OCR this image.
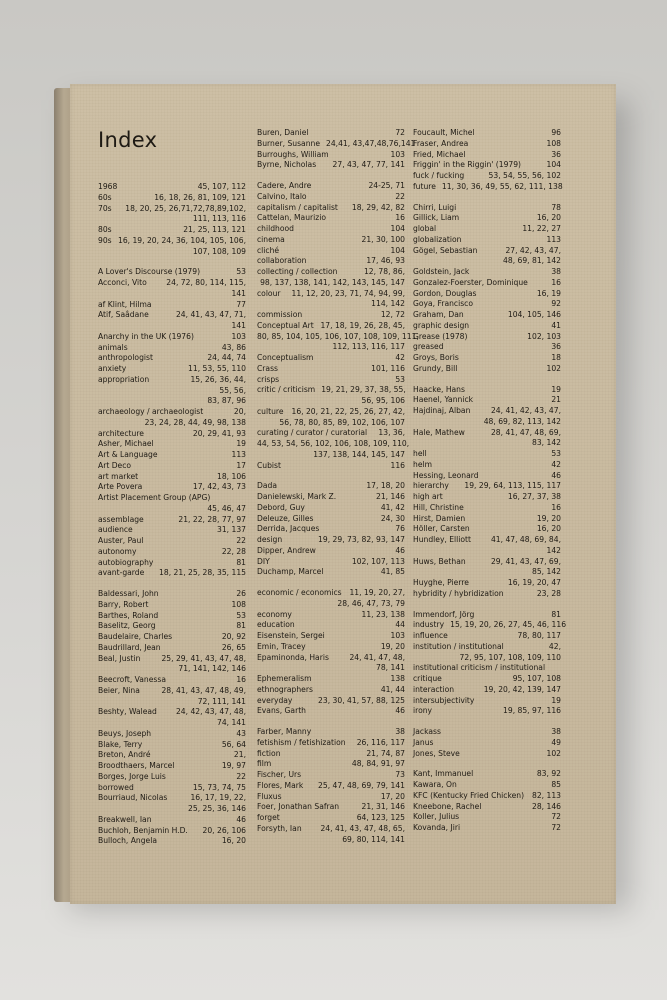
Index
1968	45, 107, 112
60s	16, 18, 26, 81, 109, 121
70s 18, 20, 25, 26,71,72,78,89,102,
111, 113, 116
80s	21, 25, 113, 121
90s 16, 19, 20, 24, 36, 104, 105, 106,
107, 108, 109
A Lover's Discourse (1979)	53
Acconci, Vito	24, 72, 80, 114, 115,
141
af Klint, Hilma	77
Atif, Saâdane	24, 41, 43, 47, 71,
141
Anarchy in the UK (1976)	103
animals	43, 86
anthropologist	24, 44, 74
anxiety	11, 53, 55, 110
appropriation	15, 26, 36, 44,
55, 56,
83, 87, 96
archaeology / archaeologist	20,
23, 24, 28, 44, 49, 98, 138
architecture	20, 29, 41, 93
Asher, Michael	19
Art & Language	113
Art Deco	17
art market	18, 106
Arte Povera	17, 42, 43, 73
Artist Placement Group (APG)
45, 46, 47
assemblage	21, 22, 28, 77, 97
audience	31, 137
Auster, Paul	22
autonomy	22, 28
autobiography	81
avant-garde 18, 21, 25, 28, 35, 115
Baldessari, John	26
Barry, Robert	108
Barthes, Roland	53
Baselitz, Georg	81
Baudelaire, Charles	20, 92
Baudrillard, Jean	26, 65
Beal, Justin	25, 29, 41, 43, 47, 48,
71, 141, 142, 146
Beecroft, Vanessa	16
Beier, Nina	28, 41, 43, 47, 48, 49,
72, 111, 141
Beshty, Walead	24, 42, 43, 47, 48,
74, 141
Beuys, Joseph	43
Blake, Terry	56, 64
Breton, André	21,
Broodthaers, Marcel	19, 97
Borges, Jorge Luis	22
borrowed	15, 73, 74, 75
Bourriaud, Nicolas	16, 17, 19, 22,
25, 25, 36, 146
Breakwell, Ian	46
Buchloh, Benjamin H.D. 20, 26, 106
Bulloch, Angela	16, 20
Buren, Daniel	72
Burner, Susanne 24,41, 43,47,48,76,141
Burroughs, William	103
Byrne, Nicholas 27, 43, 47, 77, 141
Cadere, Andre	24-25, 71
Calvino, Italo	22
capitalism / capitalist 18, 29, 42, 82
Cattelan, Maurizio	16
childhood	104
cinema	21, 30, 100
cliché	104
collaboration	17, 46, 93
collecting / collection	12, 78, 86,
98, 137, 138, 141, 142, 143, 145, 147
colour 11, 12, 20, 23, 71, 74, 94, 99,
114, 142
commission	12, 72
Conceptual Art 17, 18, 19, 26, 28, 45,
80, 85, 104, 105, 106, 107, 108, 109, 111,
112, 113, 116, 117
Conceptualism	42
Crass	101, 116
crisps	53
critic / criticism 19, 21, 29, 37, 38, 55,
56, 95, 106
culture 16, 20, 21, 22, 25, 26, 27, 42,
56, 78, 80, 85, 89, 102, 106, 107
curating / curator / curatorial 13, 36,
44, 53, 54, 56, 102, 106, 108, 109, 110,
137, 138, 144, 145, 147
Cubist	116
Dada	17, 18, 20
Danielewski, Mark Z.	21, 146
Debord, Guy	41, 42
Deleuze, Gilles	24, 30
Derrida, Jacques	76
design	19, 29, 73, 82, 93, 147
Dipper, Andrew	46
DIY	102, 107, 113
Duchamp, Marcel	41, 85
economic / economics 11, 19, 20, 27,
28, 46, 47, 73, 79
economy	11, 23, 138
education	44
Eisenstein, Sergei	103
Emin, Tracey	19, 20
Epaminonda, Haris	24, 41, 47, 48,
78, 141
Ephemeralism	138
ethnographers	41, 44
everyday	23, 30, 41, 57, 88, 125
Evans, Garth	46
Farber, Manny	38
fetishism / fetishization 26, 116, 117
fiction	21, 74, 87
film	48, 84, 91, 97
Fischer, Urs	73
Flores, Mark 25, 47, 48, 69, 79, 141
Fluxus	17, 20
Foer, Jonathan Safran	21, 31, 146
forget	64, 123, 125
Forsyth, Ian 24, 41, 43, 47, 48, 65,
69, 80, 114, 141
Foucault, Michel	96
Fraser, Andrea	108
Fried, Michael	36
Friggin' in the Riggin' (1979)	104
fuck / fucking	53, 54, 55, 56, 102
future 11, 30, 36, 49, 55, 62, 111, 138
Chirri, Luigi	78
Gillick, Liam	16, 20
global	11, 22, 27
globalization	113
Gögel, Sebastian	27, 42, 43, 47,
48, 69, 81, 142
Goldstein, Jack	38
Gonzalez-Foerster, Dominique	16
Gordon, Douglas	16, 19
Goya, Francisco	92
Graham, Dan	104, 105, 146
graphic design	41
Grease (1978)	102, 103
greased	36
Groys, Boris	18
Grundy, Bill	102
Haacke, Hans	19
Haenel, Yannick	21
Hajdinaj, Alban	24, 41, 42, 43, 47,
48, 69, 82, 113, 142
Hale, Mathew	28, 41, 47, 48, 69,
83, 142
hell	53
helm	42
Hessing, Leonard	46
hierarchy 19, 29, 64, 113, 115, 117
high art	16, 27, 37, 38
Hill, Christine	16
Hirst, Damien	19, 20
Höller, Carsten	16, 20
Hundley, Elliott	41, 47, 48, 69, 84,
142
Huws, Bethan	29, 41, 43, 47, 69,
85, 142
Huyghe, Pierre	16, 19, 20, 47
hybridity / hybridization	23, 28
Immendorf, Jörg	81
industry 15, 19, 20, 26, 27, 45, 46, 116
influence	78, 80, 117
institution / institutional	42,
72, 95, 107, 108, 109, 110
institutional criticism / institutional
critique	95, 107, 108
interaction	19, 20, 42, 139, 147
intersubjectivity	19
irony	19, 85, 97, 116
Jackass	38
Janus	49
Jones, Steve	102
Kant, Immanuel	83, 92
Kawara, On	85
KFC (Kentucky Fried Chicken) 82, 113
Kneebone, Rachel	28, 146
Koller, Julius	72
Kovanda, Jiri	72
